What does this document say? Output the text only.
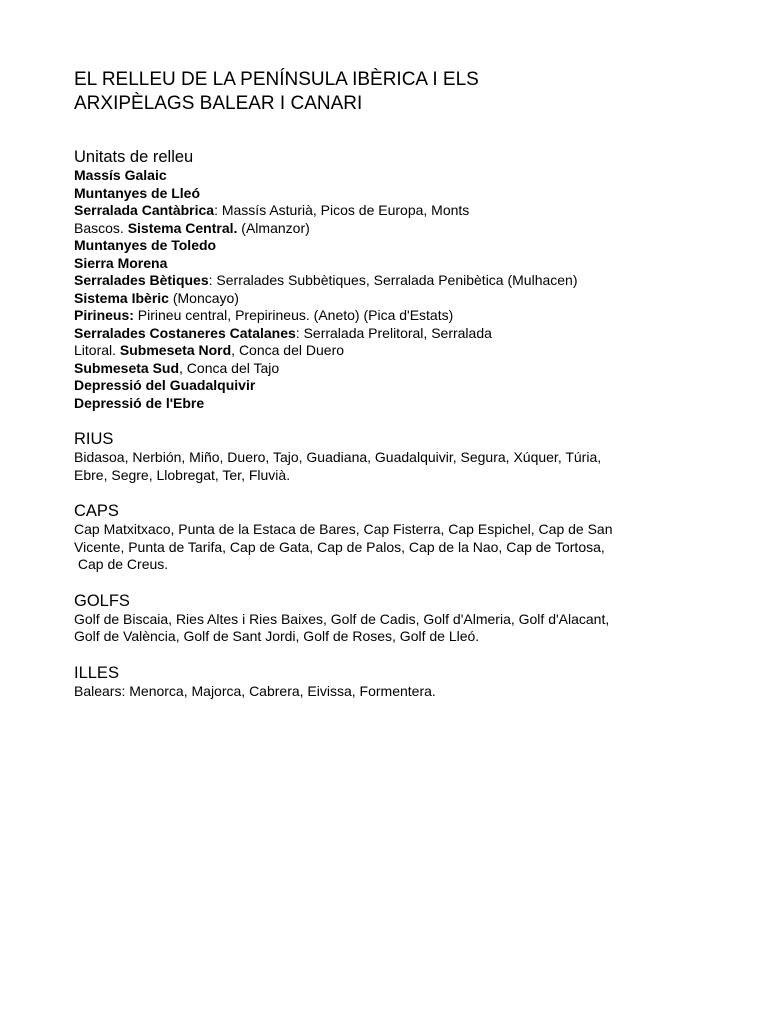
EL RELLEU DE LA PENÍNSULA IBÈRICA I ELS
ARXIPÈLAGS BALEAR I CANARI
Unitats de relleu
Massís Galaic
Muntanyes de Lleó
Serralada Cantàbrica: Massís Asturià, Picos de Europa, Monts
Bascos. Sistema Central. (Almanzor)
Muntanyes de Toledo
Sierra Morena
Serralades Bètiques: Serralades Subbètiques, Serralada Penibètica (Mulhacen)
Sistema Ibèric (Moncayo)
Pirineus: Pirineu central, Prepirineus. (Aneto) (Pica d'Estats)
Serralades Costaneres Catalanes: Serralada Prelitoral, Serralada
Litoral. Submeseta Nord, Conca del Duero
Submeseta Sud, Conca del Tajo
Depressió del Guadalquivir
Depressió de l'Ebre
RIUS
Bidasoa, Nerbión, Miño, Duero, Tajo, Guadiana, Guadalquivir, Segura, Xúquer, Túria,
Ebre, Segre, Llobregat, Ter, Fluvià.
CAPS
Cap Matxitxaco, Punta de la Estaca de Bares, Cap Fisterra, Cap Espichel, Cap de San
Vicente, Punta de Tarifa, Cap de Gata, Cap de Palos, Cap de la Nao, Cap de Tortosa,
Cap de Creus.
GOLFS
Golf de Biscaia, Ries Altes i Ries Baixes, Golf de Cadis, Golf d'Almeria, Golf d'Alacant,
Golf de València, Golf de Sant Jordi, Golf de Roses, Golf de Lleó.
ILLES
Balears: Menorca, Majorca, Cabrera, Eivissa, Formentera.
